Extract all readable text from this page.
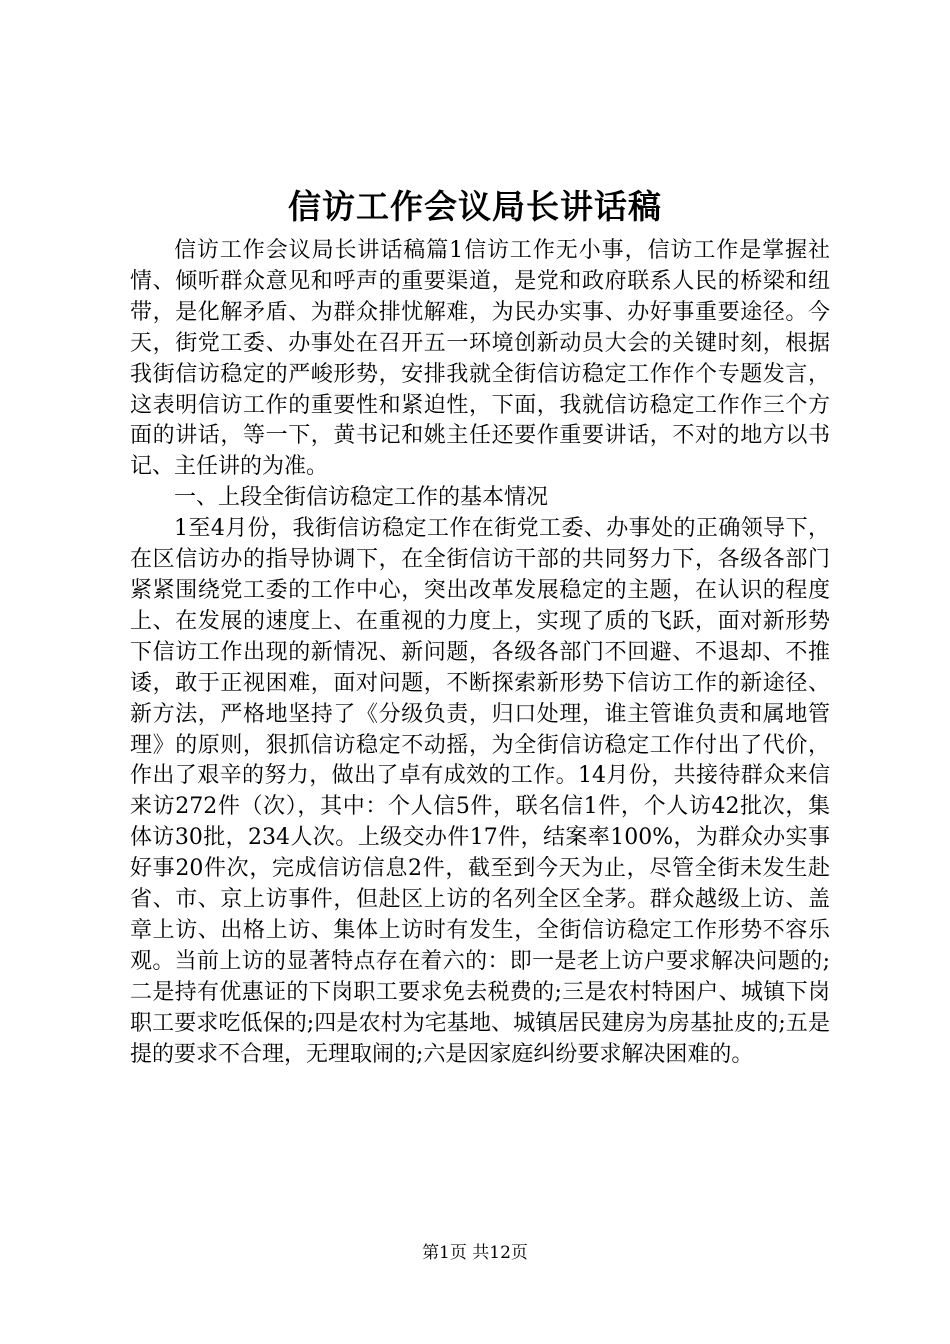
信访工作会议局长讲话稿

信访工作会议局长讲话稿篇1信访工作无小事，信访工作是掌握社情、倾听群众意见和呼声的重要渠道，是党和政府联系人民的桥梁和纽带，是化解矛盾、为群众排忧解难，为民办实事、办好事重要途径。今天，街党工委、办事处在召开五一环境创新动员大会的关键时刻，根据我街信访稳定的严峻形势，安排我就全街信访稳定工作作个专题发言，这表明信访工作的重要性和紧迫性，下面，我就信访稳定工作作三个方面的讲话，等一下，黄书记和姚主任还要作重要讲话，不对的地方以书记、主任讲的为准。

一、上段全街信访稳定工作的基本情况

1至4月份，我街信访稳定工作在街党工委、办事处的正确领导下，在区信访办的指导协调下，在全街信访干部的共同努力下，各级各部门紧紧围绕党工委的工作中心，突出改革发展稳定的主题，在认识的程度上、在发展的速度上、在重视的力度上，实现了质的飞跃，面对新形势下信访工作出现的新情况、新问题，各级各部门不回避、不退却、不推诿，敢于正视困难，面对问题，不断探索新形势下信访工作的新途径、新方法，严格地坚持了《分级负责，归口处理，谁主管谁负责和属地管理》的原则，狠抓信访稳定不动摇，为全街信访稳定工作付出了代价，作出了艰辛的努力，做出了卓有成效的工作。14月份，共接待群众来信来访272件（次），其中：个人信5件，联名信1件，个人访42批次，集体访30批，234人次。上级交办件17件，结案率100%，为群众办实事好事20件次，完成信访信息2件，截至到今天为止，尽管全街未发生赴省、市、京上访事件，但赴区上访的名列全区全茅。群众越级上访、盖章上访、出格上访、集体上访时有发生，全街信访稳定工作形势不容乐观。当前上访的显著特点存在着六的：即一是老上访户要求解决问题的;二是持有优惠证的下岗职工要求免去税费的;三是农村特困户、城镇下岗职工要求吃低保的;四是农村为宅基地、城镇居民建房为房基扯皮的;五是提的要求不合理，无理取闹的;六是因家庭纠纷要求解决困难的。

第1页 共12页
